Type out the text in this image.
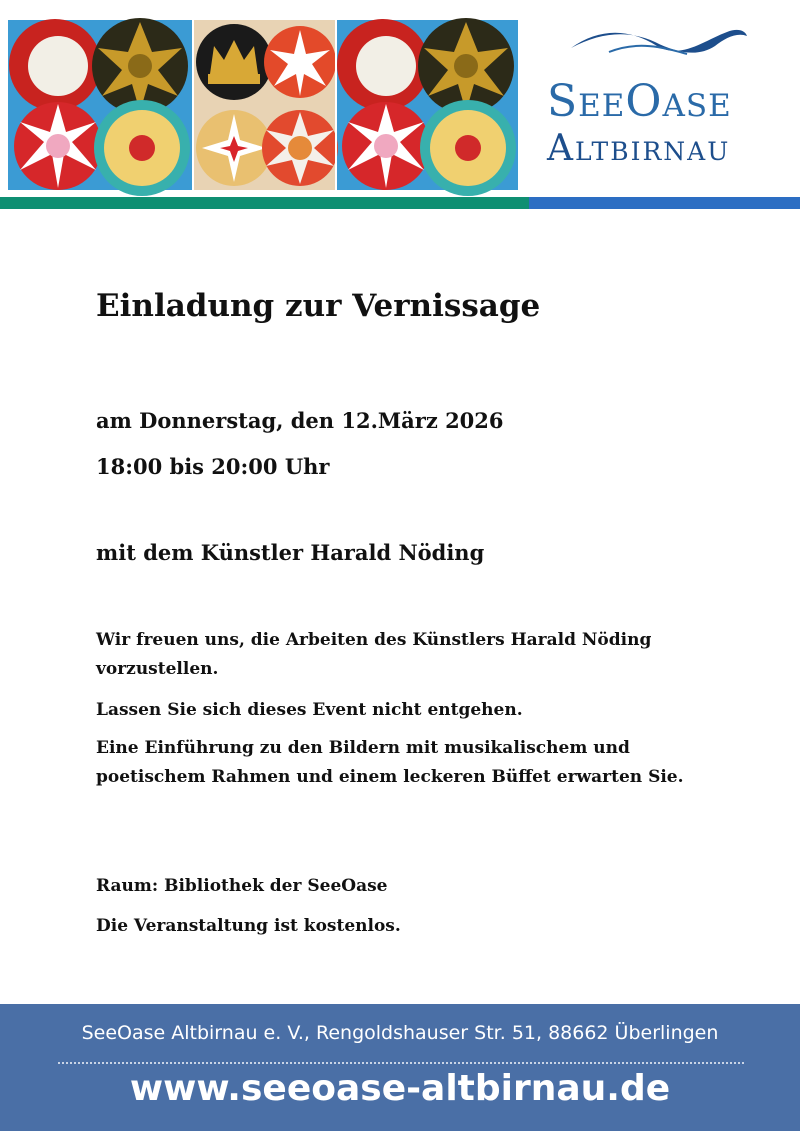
SeeOase
Altbirnau
Einladung zur Vernissage

am Donnerstag, den 12.März 2026

18:00 bis 20:00 Uhr

mit dem Künstler Harald Nöding

Wir freuen uns, die Arbeiten des Künstlers Harald Nöding vorzustellen.

Lassen Sie sich dieses Event nicht entgehen.

Eine Einführung zu den Bildern mit musikalischem und poetischem Rahmen und einem leckeren Büffet erwarten Sie.

Raum: Bibliothek der SeeOase

Die Veranstaltung ist kostenlos.

SeeOase Altbirnau e. V., Rengoldshauser Str. 51, 88662 Überlingen
www.seeoase-altbirnau.de
